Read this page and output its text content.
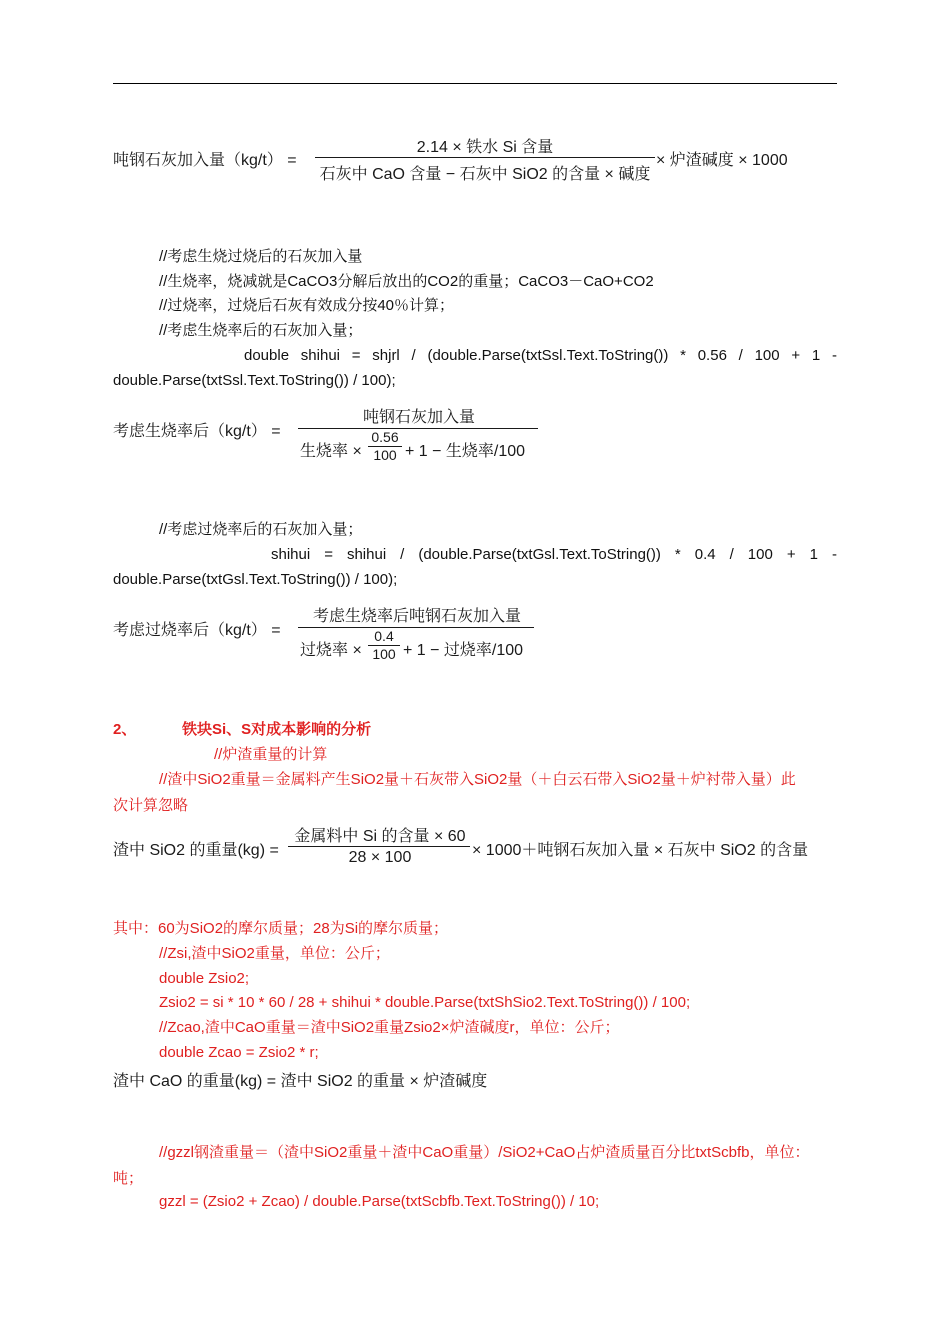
吨钢石灰加入量（kg/t） =
2.14 × 铁水 Si 含量
石灰中 CaO 含量 − 石灰中 SiO2 的含量 × 碱度
× 炉渣碱度 × 1000
//考虑生烧过烧后的石灰加入量
//生烧率，烧减就是CaCO3分解后放出的CO2的重量；CaCO3－CaO+CO2
//过烧率，过烧后石灰有效成分按40％计算；
//考虑生烧率后的石灰加入量；
double shihui = shjrl / (double.Parse(txtSsl.Text.ToString()) * 0.56 / 100 + 1 -
double.Parse(txtSsl.Text.ToString()) / 100);
考虑生烧率后（kg/t） =
吨钢石灰加入量
生烧率 ×
0.56
100 + 1 − 生烧率/100
//考虑过烧率后的石灰加入量；
shihui = shihui / (double.Parse(txtGsl.Text.ToString()) * 0.4 / 100 + 1 -
double.Parse(txtGsl.Text.ToString()) / 100);
考虑过烧率后（kg/t） =
考虑生烧率后吨钢石灰加入量
过烧率 ×
0.4
100 + 1 − 过烧率/100
2、	铁块Si、S对成本影响的分析
//炉渣重量的计算
//渣中SiO2重量＝金属料产生SiO2量＋石灰带入SiO2量（＋白云石带入SiO2量＋炉衬带入量）此
次计算忽略
渣中 SiO2 的重量(kg) =
金属料中 Si 的含量 × 60
28 × 100	× 1000＋吨钢石灰加入量 × 石灰中 SiO2 的含量
其中：60为SiO2的摩尔质量；28为Si的摩尔质量；
//Zsi,渣中SiO2重量，单位：公斤；
double Zsio2;
Zsio2 = si * 10 * 60 / 28 + shihui * double.Parse(txtShSio2.Text.ToString()) / 100;
//Zcao,渣中CaO重量＝渣中SiO2重量Zsio2×炉渣碱度r，单位：公斤；
double Zcao = Zsio2 * r;
渣中 CaO 的重量(kg) = 渣中 SiO2 的重量 × 炉渣碱度
//gzzl钢渣重量＝（渣中SiO2重量＋渣中CaO重量）/SiO2+CaO占炉渣质量百分比txtScbfb，单位：
吨；
gzzl = (Zsio2 + Zcao) / double.Parse(txtScbfb.Text.ToString()) / 10;
